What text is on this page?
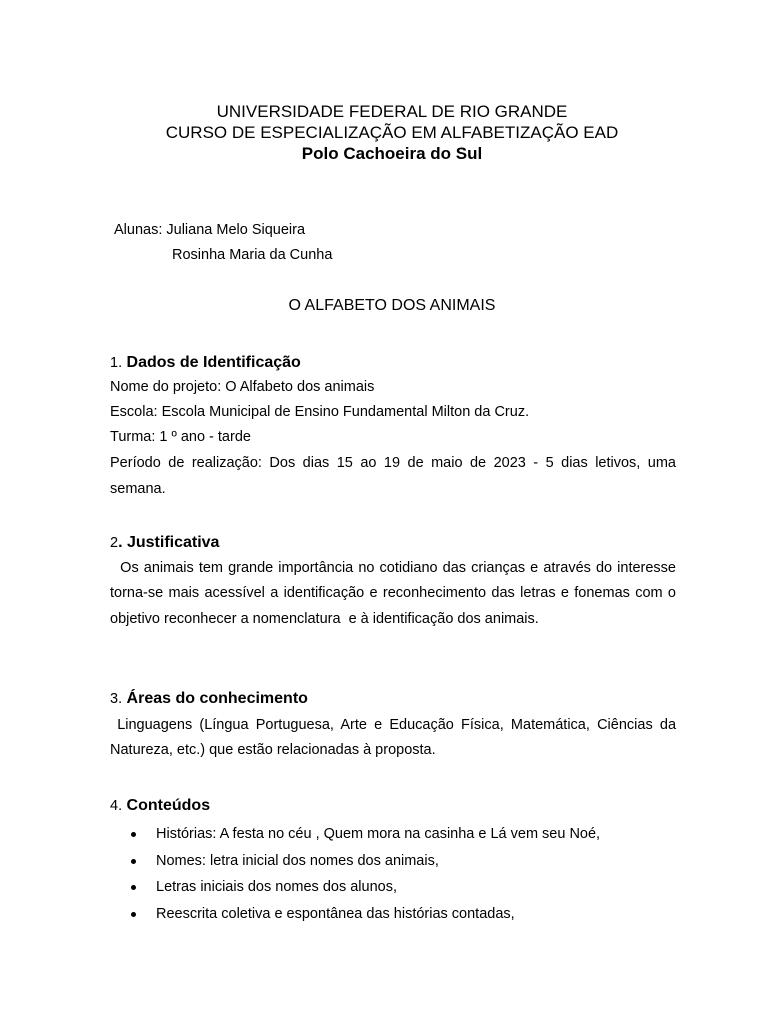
UNIVERSIDADE FEDERAL DE RIO GRANDE
CURSO DE ESPECIALIZAÇÃO EM ALFABETIZAÇÃO EAD
Polo Cachoeira do Sul
Alunas: Juliana Melo Siqueira
Rosinha Maria da Cunha
O ALFABETO DOS ANIMAIS
1. Dados de Identificação
Nome do projeto: O Alfabeto dos animais
Escola: Escola Municipal de Ensino Fundamental Milton da Cruz.
Turma: 1 º ano - tarde
Período de realização: Dos dias 15 ao 19 de maio de 2023 - 5 dias letivos, uma semana.
2. Justificativa
Os animais tem grande importância no cotidiano das crianças e através do interesse torna-se mais acessível a identificação e reconhecimento das letras e fonemas com o objetivo reconhecer a nomenclatura  e à identificação dos animais.
3. Áreas do conhecimento
Linguagens (Língua Portuguesa, Arte e Educação Física, Matemática, Ciências da Natureza, etc.) que estão relacionadas à proposta.
4. Conteúdos
Histórias: A festa no céu , Quem mora na casinha e Lá vem seu Noé,
Nomes: letra inicial dos nomes dos animais,
Letras iniciais dos nomes dos alunos,
Reescrita coletiva e espontânea das histórias contadas,
